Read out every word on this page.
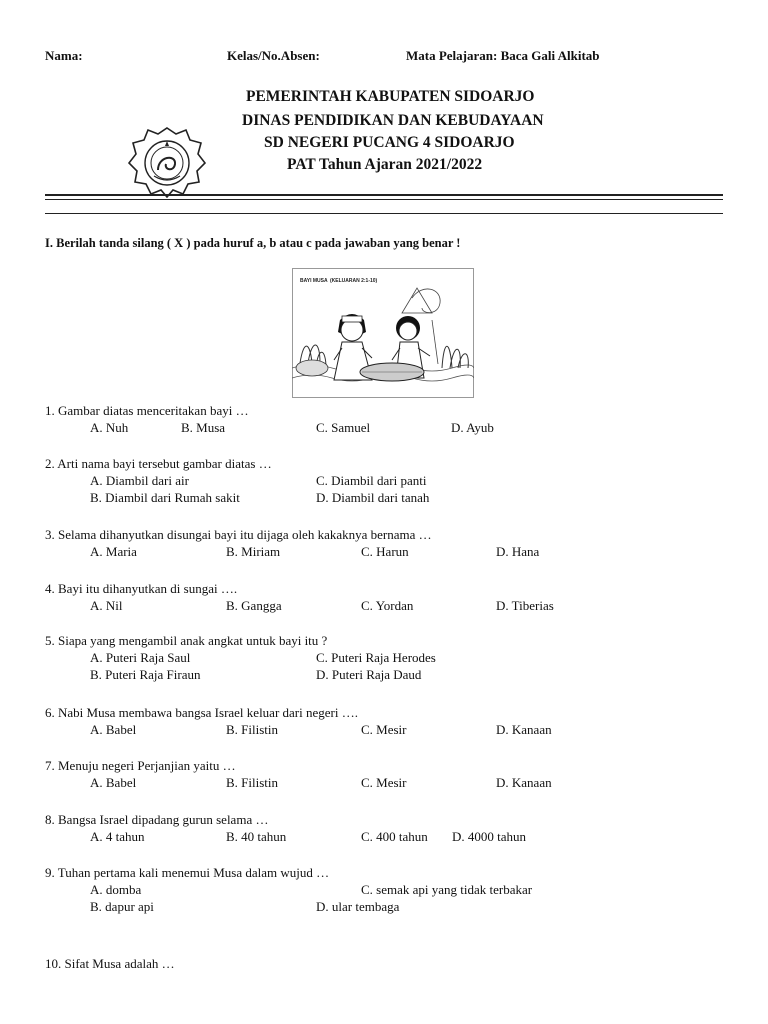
Nama:	Kelas/No.Absen:	Mata Pelajaran: Baca Gali Alkitab
PEMERINTAH KABUPATEN SIDOARJO
DINAS PENDIDIKAN DAN KEBUDAYAAN
SD NEGERI PUCANG 4 SIDOARJO
PAT Tahun Ajaran 2021/2022
I. Berilah tanda silang ( X ) pada huruf a, b atau c pada jawaban yang benar !
BAYI MUSA (KELUARAN 2:1-10)
1. Gambar diatas menceritakan bayi …
A. Nuh	B. Musa	C. Samuel	D. Ayub
2. Arti nama bayi tersebut gambar diatas …
A. Diambil dari air	C. Diambil dari panti
B. Diambil dari Rumah sakit	D. Diambil dari tanah
3. Selama dihanyutkan disungai bayi itu dijaga oleh kakaknya bernama …
A. Maria	B. Miriam	C. Harun	D. Hana
4. Bayi itu dihanyutkan di sungai ….
A. Nil	B. Gangga	C. Yordan	D. Tiberias
5. Siapa yang mengambil anak angkat untuk bayi itu ?
A. Puteri Raja Saul	C. Puteri Raja Herodes
B. Puteri Raja Firaun	D. Puteri Raja Daud
6. Nabi Musa membawa bangsa Israel keluar dari negeri ….
A. Babel	B. Filistin	C. Mesir	D. Kanaan
7. Menuju negeri Perjanjian yaitu …
A. Babel	B. Filistin	C. Mesir	D. Kanaan
8. Bangsa Israel dipadang gurun selama …
A. 4 tahun	B. 40 tahun	C. 400 tahun D. 4000 tahun
9. Tuhan pertama kali menemui Musa dalam wujud …
A. domba	C. semak api yang tidak terbakar
B. dapur api	D. ular tembaga
10. Sifat Musa adalah …
